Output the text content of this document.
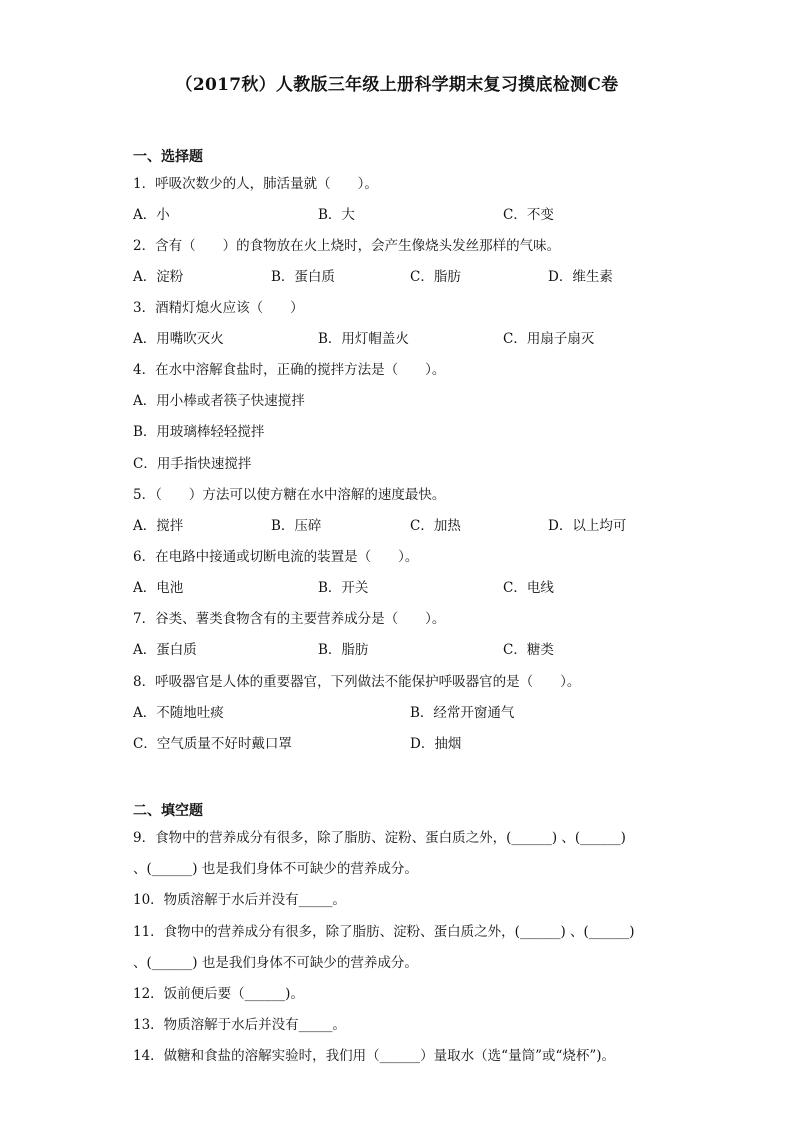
（2017秋）人教版三年级上册科学期末复习摸底检测C卷
一、选择题
1．呼吸次数少的人，肺活量就（　　）。
A．小	B．大	C．不变
2．含有（　　）的食物放在火上烧时，会产生像烧头发丝那样的气味。
A．淀粉	B．蛋白质	C．脂肪	D．维生素
3．酒精灯熄火应该（　　）
A．用嘴吹灭火	B．用灯帽盖火	C．用扇子扇灭
4．在水中溶解食盐时，正确的搅拌方法是（　　）。
A．用小棒或者筷子快速搅拌
B．用玻璃棒轻轻搅拌
C．用手指快速搅拌
5．（　　）方法可以使方糖在水中溶解的速度最快。
A．搅拌	B．压碎	C．加热	D．以上均可
6．在电路中接通或切断电流的装置是（　　）。
A．电池	B．开关	C．电线
7．谷类、薯类食物含有的主要营养成分是（　　）。
A．蛋白质	B．脂肪	C．糖类
8．呼吸器官是人体的重要器官，下列做法不能保护呼吸器官的是（　　）。
A．不随地吐痰	B．经常开窗通气
C．空气质量不好时戴口罩	D．抽烟
二、填空题
9．食物中的营养成分有很多，除了脂肪、淀粉、蛋白质之外，(______) 、(______)
、(______) 也是我们身体不可缺少的营养成分。
10．物质溶解于水后并没有_____。
11．食物中的营养成分有很多，除了脂肪、淀粉、蛋白质之外，(______) 、(______)
、(______) 也是我们身体不可缺少的营养成分。
12．饭前便后要（______)。
13．物质溶解于水后并没有_____。
14．做糖和食盐的溶解实验时，我们用（______）量取水（选“量筒”或“烧杯”)。
